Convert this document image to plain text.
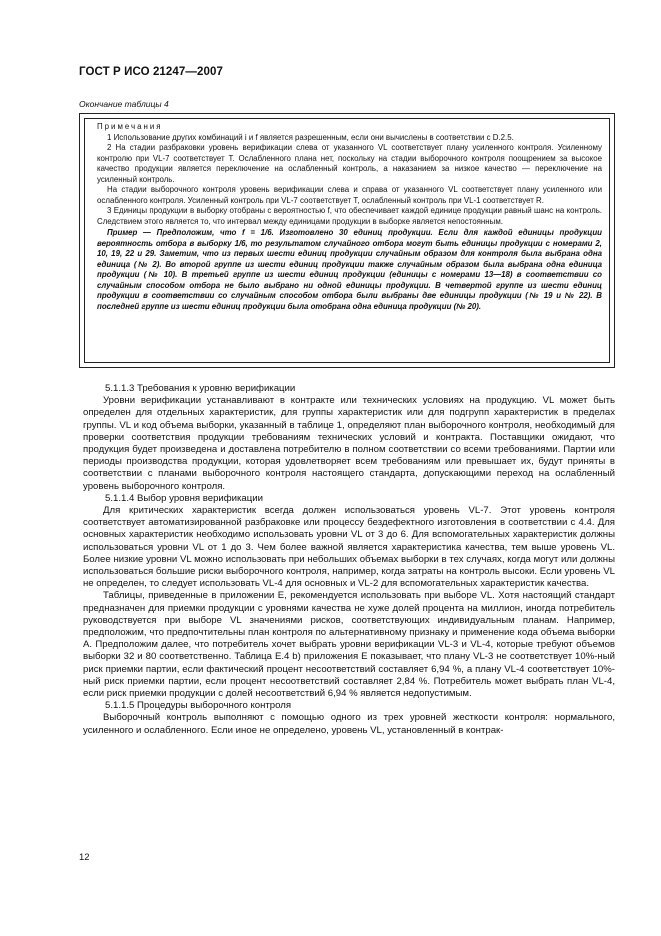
ГОСТ Р ИСО 21247—2007
Окончание таблицы 4

Примечания

1 Использование других комбинаций i и f является разрешенным, если они вычислены в соответствии с D.2.5.

2 На стадии разбраковки уровень верификации слева от указанного VL соответствует плану усиленного контроля. Усиленному контролю при VL-7 соответствует T. Ослабленного плана нет, поскольку на стадии выборочного контроля поощрением за высокое качество продукции является переключение на ослабленный контроль, а наказанием за низкое качество — переключение на усиленный контроль.

На стадии выборочного контроля уровень верификации слева и справа от указанного VL соответствует плану усиленного или ослабленного контроля. Усиленный контроль при VL-7 соответствует T, ослабленный контроль при VL-1 соответствует R.

3 Единицы продукции в выборку отобраны с вероятностью f, что обеспечивает каждой единице продукции равный шанс на контроль. Следствием этого является то, что интервал между единицами продукции в выборке является непостоянным.

Пример — Предположим, что f = 1/6. Изготовлено 30 единиц продукции. Если для каждой единицы продукции вероятность отбора в выборку 1/6, то результатом случайного отбора могут быть единицы продукции с номерами 2, 10, 19, 22 и 29. Заметим, что из первых шести единиц продукции случайным образом для контроля была выбрана одна единица (№ 2). Во второй группе из шести единиц продукции также случайным образом была выбрана одна единица продукции (№ 10). В третьей группе из шести единиц продукции (единицы с номерами 13—18) в соответствии со случайным способом отбора не было выбрано ни одной единицы продукции. В четвертой группе из шести единиц продукции в соответствии со случайным способом отбора были выбраны две единицы продукции (№ 19 и № 22). В последней группе из шести единиц продукции была отобрана одна единица продукции (№ 20).

5.1.1.3 Требования к уровню верификации

Уровни верификации устанавливают в контракте или технических условиях на продукцию. VL может быть определен для отдельных характеристик, для группы характеристик или для подгрупп характеристик в пределах группы. VL и код объема выборки, указанный в таблице 1, определяют план выборочного контроля, необходимый для проверки соответствия продукции требованиям технических условий и контракта. Поставщики ожидают, что продукция будет произведена и доставлена потребителю в полном соответствии со всеми требованиями. Партии или периоды производства продукции, которая удовлетворяет всем требованиям или превышает их, будут приняты в соответствии с планами выборочного контроля настоящего стандарта, допускающими переход на ослабленный уровень выборочного контроля.

5.1.1.4 Выбор уровня верификации

Для критических характеристик всегда должен использоваться уровень VL-7. Этот уровень контроля соответствует автоматизированной разбраковке или процессу бездефектного изготовления в соответствии с 4.4. Для основных характеристик необходимо использовать уровни VL от 3 до 6. Для вспомогательных характеристик должны использоваться уровни VL от 1 до 3. Чем более важной является характеристика качества, тем выше уровень VL. Более низкие уровни VL можно использовать при небольших объемах выборки в тех случаях, когда могут или должны использоваться большие риски выборочного контроля, например, когда затраты на контроль высоки. Если уровень VL не определен, то следует использовать VL-4 для основных и VL-2 для вспомогательных характеристик качества.

Таблицы, приведенные в приложении E, рекомендуется использовать при выборе VL. Хотя настоящий стандарт предназначен для приемки продукции с уровнями качества не хуже долей процента на миллион, иногда потребитель руководствуется при выборе VL значениями рисков, соответствующих индивидуальным планам. Например, предположим, что предпочтительны план контроля по альтернативному признаку и применение кода объема выборки A. Предположим далее, что потребитель хочет выбрать уровни верификации VL-3 и VL-4, которые требуют объемов выборки 32 и 80 соответственно. Таблица E.4 b) приложения E показывает, что плану VL-3 не соответствует 10%-ный риск приемки партии, если фактический процент несоответствий составляет 6,94 %, а плану VL-4 соответствует 10%-ный риск приемки партии, если процент несоответствий составляет 2,84 %. Потребитель может выбрать план VL-4, если риск приемки продукции с долей несоответствий 6,94 % является недопустимым.

5.1.1.5 Процедуры выборочного контроля

Выборочный контроль выполняют с помощью одного из трех уровней жесткости контроля: нормального, усиленного и ослабленного. Если иное не определено, уровень VL, установленный в контрак-

12
